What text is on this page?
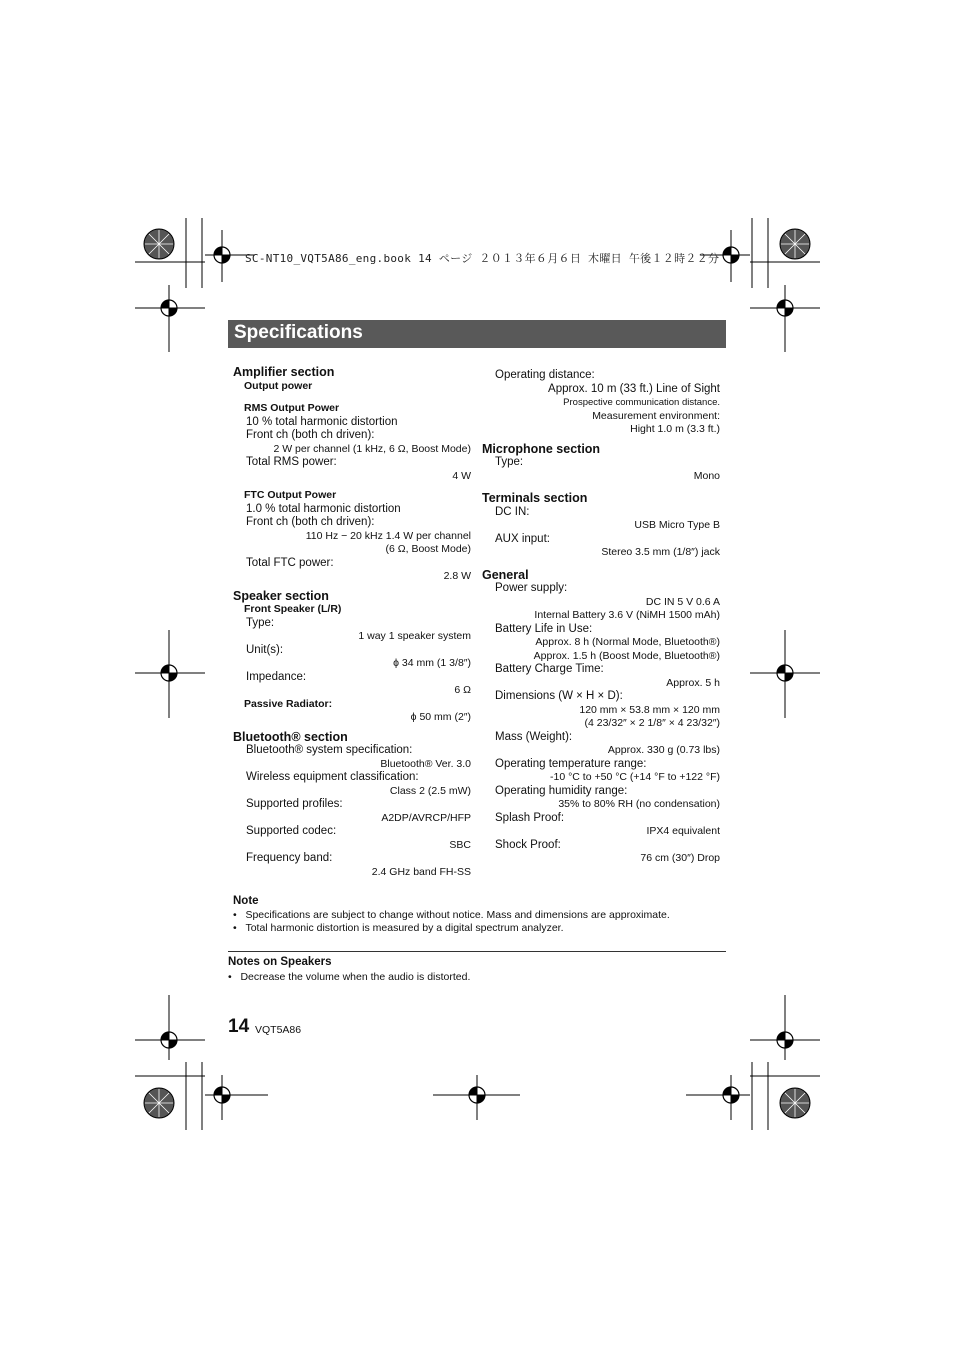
SC-NT10_VQT5A86_eng.book 14 ページ ２０１３年６月６日 木曜日 午後１２時２２分
Specifications
Amplifier section
Output power
RMS Output Power
10 % total harmonic distortion
Front ch (both ch driven):
2 W per channel (1 kHz, 6 Ω, Boost Mode)
Total RMS power:
4 W
FTC Output Power
1.0 % total harmonic distortion
Front ch (both ch driven):
110 Hz − 20 kHz 1.4 W per channel
(6 Ω, Boost Mode)
Total FTC power:
2.8 W
Speaker section
Front Speaker (L/R)
Type:
1 way 1 speaker system
Unit(s):
ϕ 34 mm (1 3/8″)
Impedance:
6 Ω
Passive Radiator:
ϕ 50 mm (2″)
Bluetooth® section
Bluetooth® system specification:
Bluetooth® Ver. 3.0
Wireless equipment classification:
Class 2 (2.5 mW)
Supported profiles:
A2DP/AVRCP/HFP
Supported codec:
SBC
Frequency band:
2.4 GHz band FH-SS
Operating distance:
Approx. 10 m (33 ft.) Line of Sight
Prospective communication distance.
Measurement environment:
Hight 1.0 m (3.3 ft.)
Microphone section
Type:
Mono
Terminals section
DC IN:
USB Micro Type B
AUX input:
Stereo 3.5 mm (1/8″) jack
General
Power supply:
DC IN 5 V 0.6 A
Internal Battery 3.6 V (NiMH 1500 mAh)
Battery Life in Use:
Approx. 8 h (Normal Mode, Bluetooth®)
Approx. 1.5 h (Boost Mode, Bluetooth®)
Battery Charge Time:
Approx. 5 h
Dimensions (W × H × D):
120 mm × 53.8 mm × 120 mm
(4 23/32″ × 2 1/8″ × 4 23/32″)
Mass (Weight):
Approx. 330 g (0.73 lbs)
Operating temperature range:
-10 °C to +50 °C (+14 °F to +122 °F)
Operating humidity range:
35% to 80% RH (no condensation)
Splash Proof:
IPX4 equivalent
Shock Proof:
76 cm (30″) Drop
Note
•   Specifications are subject to change without notice. Mass and dimensions are approximate.
•   Total harmonic distortion is measured by a digital spectrum analyzer.
Notes on Speakers
•   Decrease the volume when the audio is distorted.
14 VQT5A86
